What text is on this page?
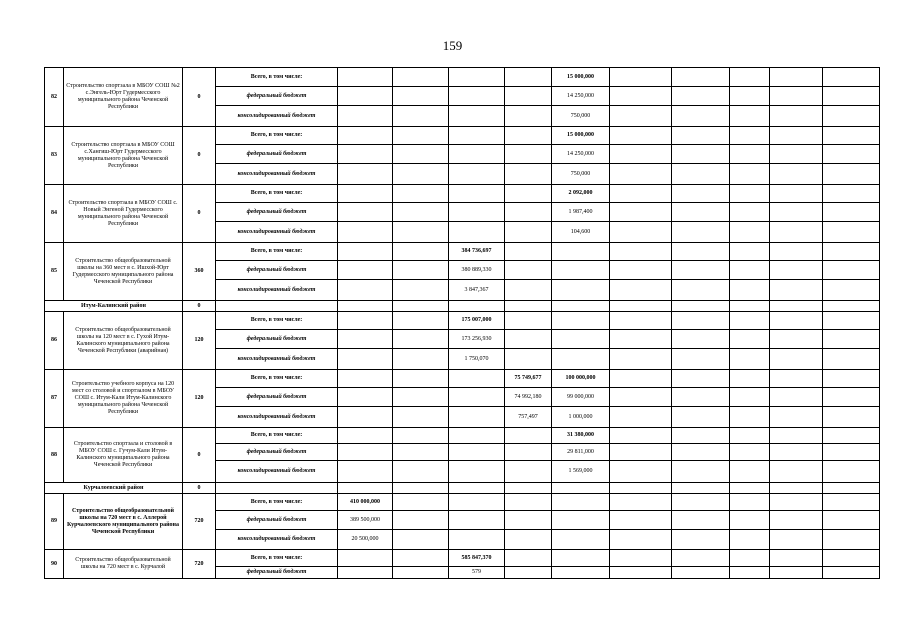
159
82	Строительство спортзала в МБОУ СОШ №2 с.Энгель-Юрт Гудермесского муниципального района Чеченской Республики	0	Всего, в том числе:					15 000,000					
			федеральный бюджет					14 250,000					
			консолидированный бюджет					750,000					
83	Строительство спортзала в МБОУ СОШ с.Хангиш-Юрт Гудермесского муниципального района Чеченской Республики	0	Всего, в том числе:					15 000,000					
			федеральный бюджет					14 250,000					
			консолидированный бюджет					750,000					
84	Строительство спортзала в МБОУ СОШ с. Новый Энгеной Гудермесского муниципального района Чеченской Республики	0	Всего, в том числе:					2 092,000					
			федеральный бюджет					1 987,400					
			консолидированный бюджет					104,600					
85	Строительство общеобразовательной школы на 360 мест в с. Ишхой-Юрт Гудермесского муниципального района Чеченской Республики	360	Всего, в том числе:			384 736,697							
			федеральный бюджет			380 889,330							
			консолидированный бюджет			3 847,367							
Итум-Калинский район		0											
86	Строительство общеобразовательной школы на 120 мест в с. Гухой Итум-Калинского муниципального района Чеченской Республики (аварийная)	120	Всего, в том числе:			175 007,000							
			федеральный бюджет			173 256,930							
			консолидированный бюджет			1 750,070							
87	Строительство учебного корпуса на 120 мест со столовой и спортзалом в МБОУ СОШ с. Итум-Кали Итум-Калинского муниципального района Чеченской Республики	120	Всего, в том числе:				75 749,677	100 000,000					
			федеральный бюджет				74 992,180	99 000,000					
			консолидированный бюджет				757,497	1 000,000					
88	Строительство спортзала и столовой в МБОУ СОШ с. Гучум-Кали Итум-Калинского муниципального района Чеченской Республики	0	Всего, в том числе:					31 380,000					
			федеральный бюджет					29 811,000					
			консолидированный бюджет					1 569,000					
Курчалоевский район		0											
89	Строительство общеобразовательной школы на 720 мест в с. Аллерой Курчалоевского муниципального района Чеченской Республики	720	Всего, в том числе:	410 000,000									
			федеральный бюджет	389 500,000									
			консолидированный бюджет	20 500,000									
90	Строительство общеобразовательной школы на 720 мест в с. Курчалой	720	Всего, в том числе:			585 847,370							
			федеральный бюджет			579							
